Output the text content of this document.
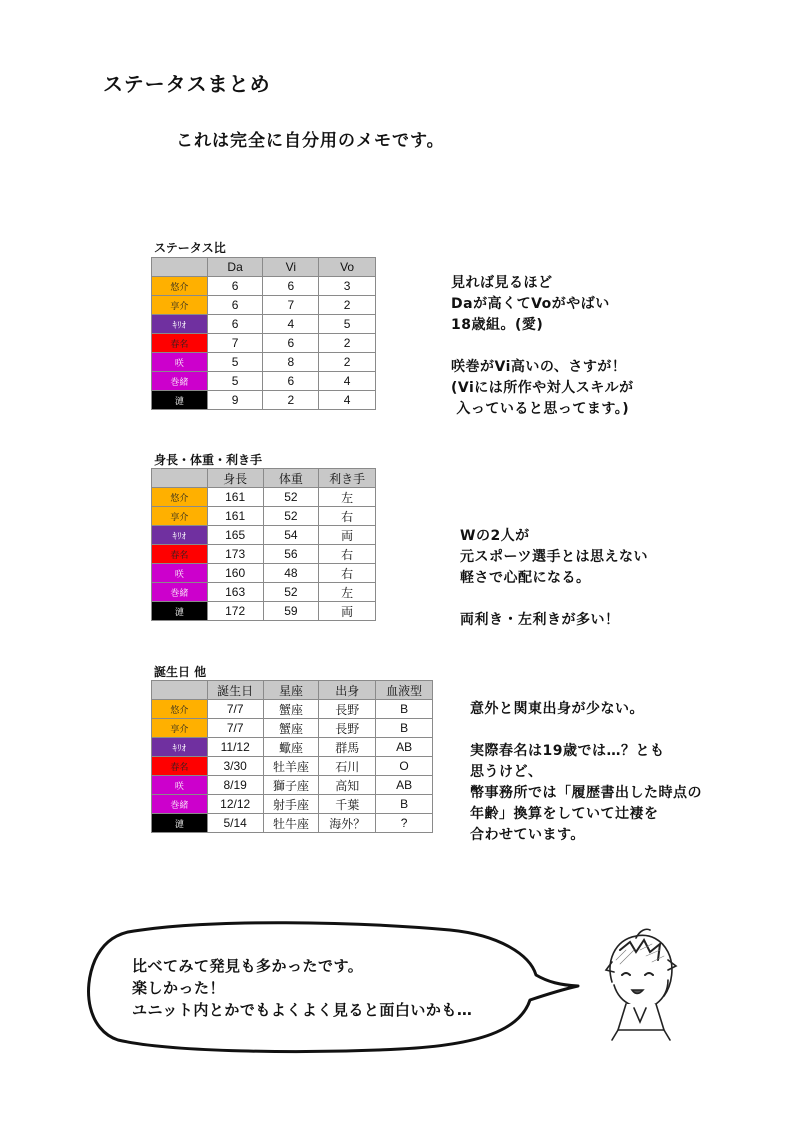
ステータスまとめ
これは完全に自分用のメモです。
ステータス比
	Da	Vi	Vo
悠介	6	6	3
享介	6	7	2
ｷﾘｵ	6	4	5
春名	7	6	2
咲	5	8	2
巻緒	5	6	4
漣	9	2	4
見れば見るほど
Daが高くてVoがやばい
18歳組。(愛)

咲巻がVi高いの、さすが！
(Viには所作や対人スキルが
入っていると思ってます。)
身長・体重・利き手
	身長	体重	利き手
悠介	161	52	左
享介	161	52	右
ｷﾘｵ	165	54	両
春名	173	56	右
咲	160	48	右
巻緒	163	52	左
漣	172	59	両
Wの2人が
元スポーツ選手とは思えない
軽さで心配になる。

両利き・左利きが多い！
誕生日 他
	誕生日	星座	出身	血液型
悠介	7/7	蟹座	長野	B
享介	7/7	蟹座	長野	B
ｷﾘｵ	11/12	蠍座	群馬	AB
春名	3/30	牡羊座	石川	O
咲	8/19	獅子座	高知	AB
巻緒	12/12	射手座	千葉	B
漣	5/14	牡牛座	海外？	?
意外と関東出身が少ない。

実際春名は19歳では…？とも
思うけど、
幣事務所では「履歴書出した時点の
年齢」換算をしていて辻褄を
合わせています。
比べてみて発見も多かったです。
楽しかった！
ユニット内とかでもよくよく見ると面白いかも…
